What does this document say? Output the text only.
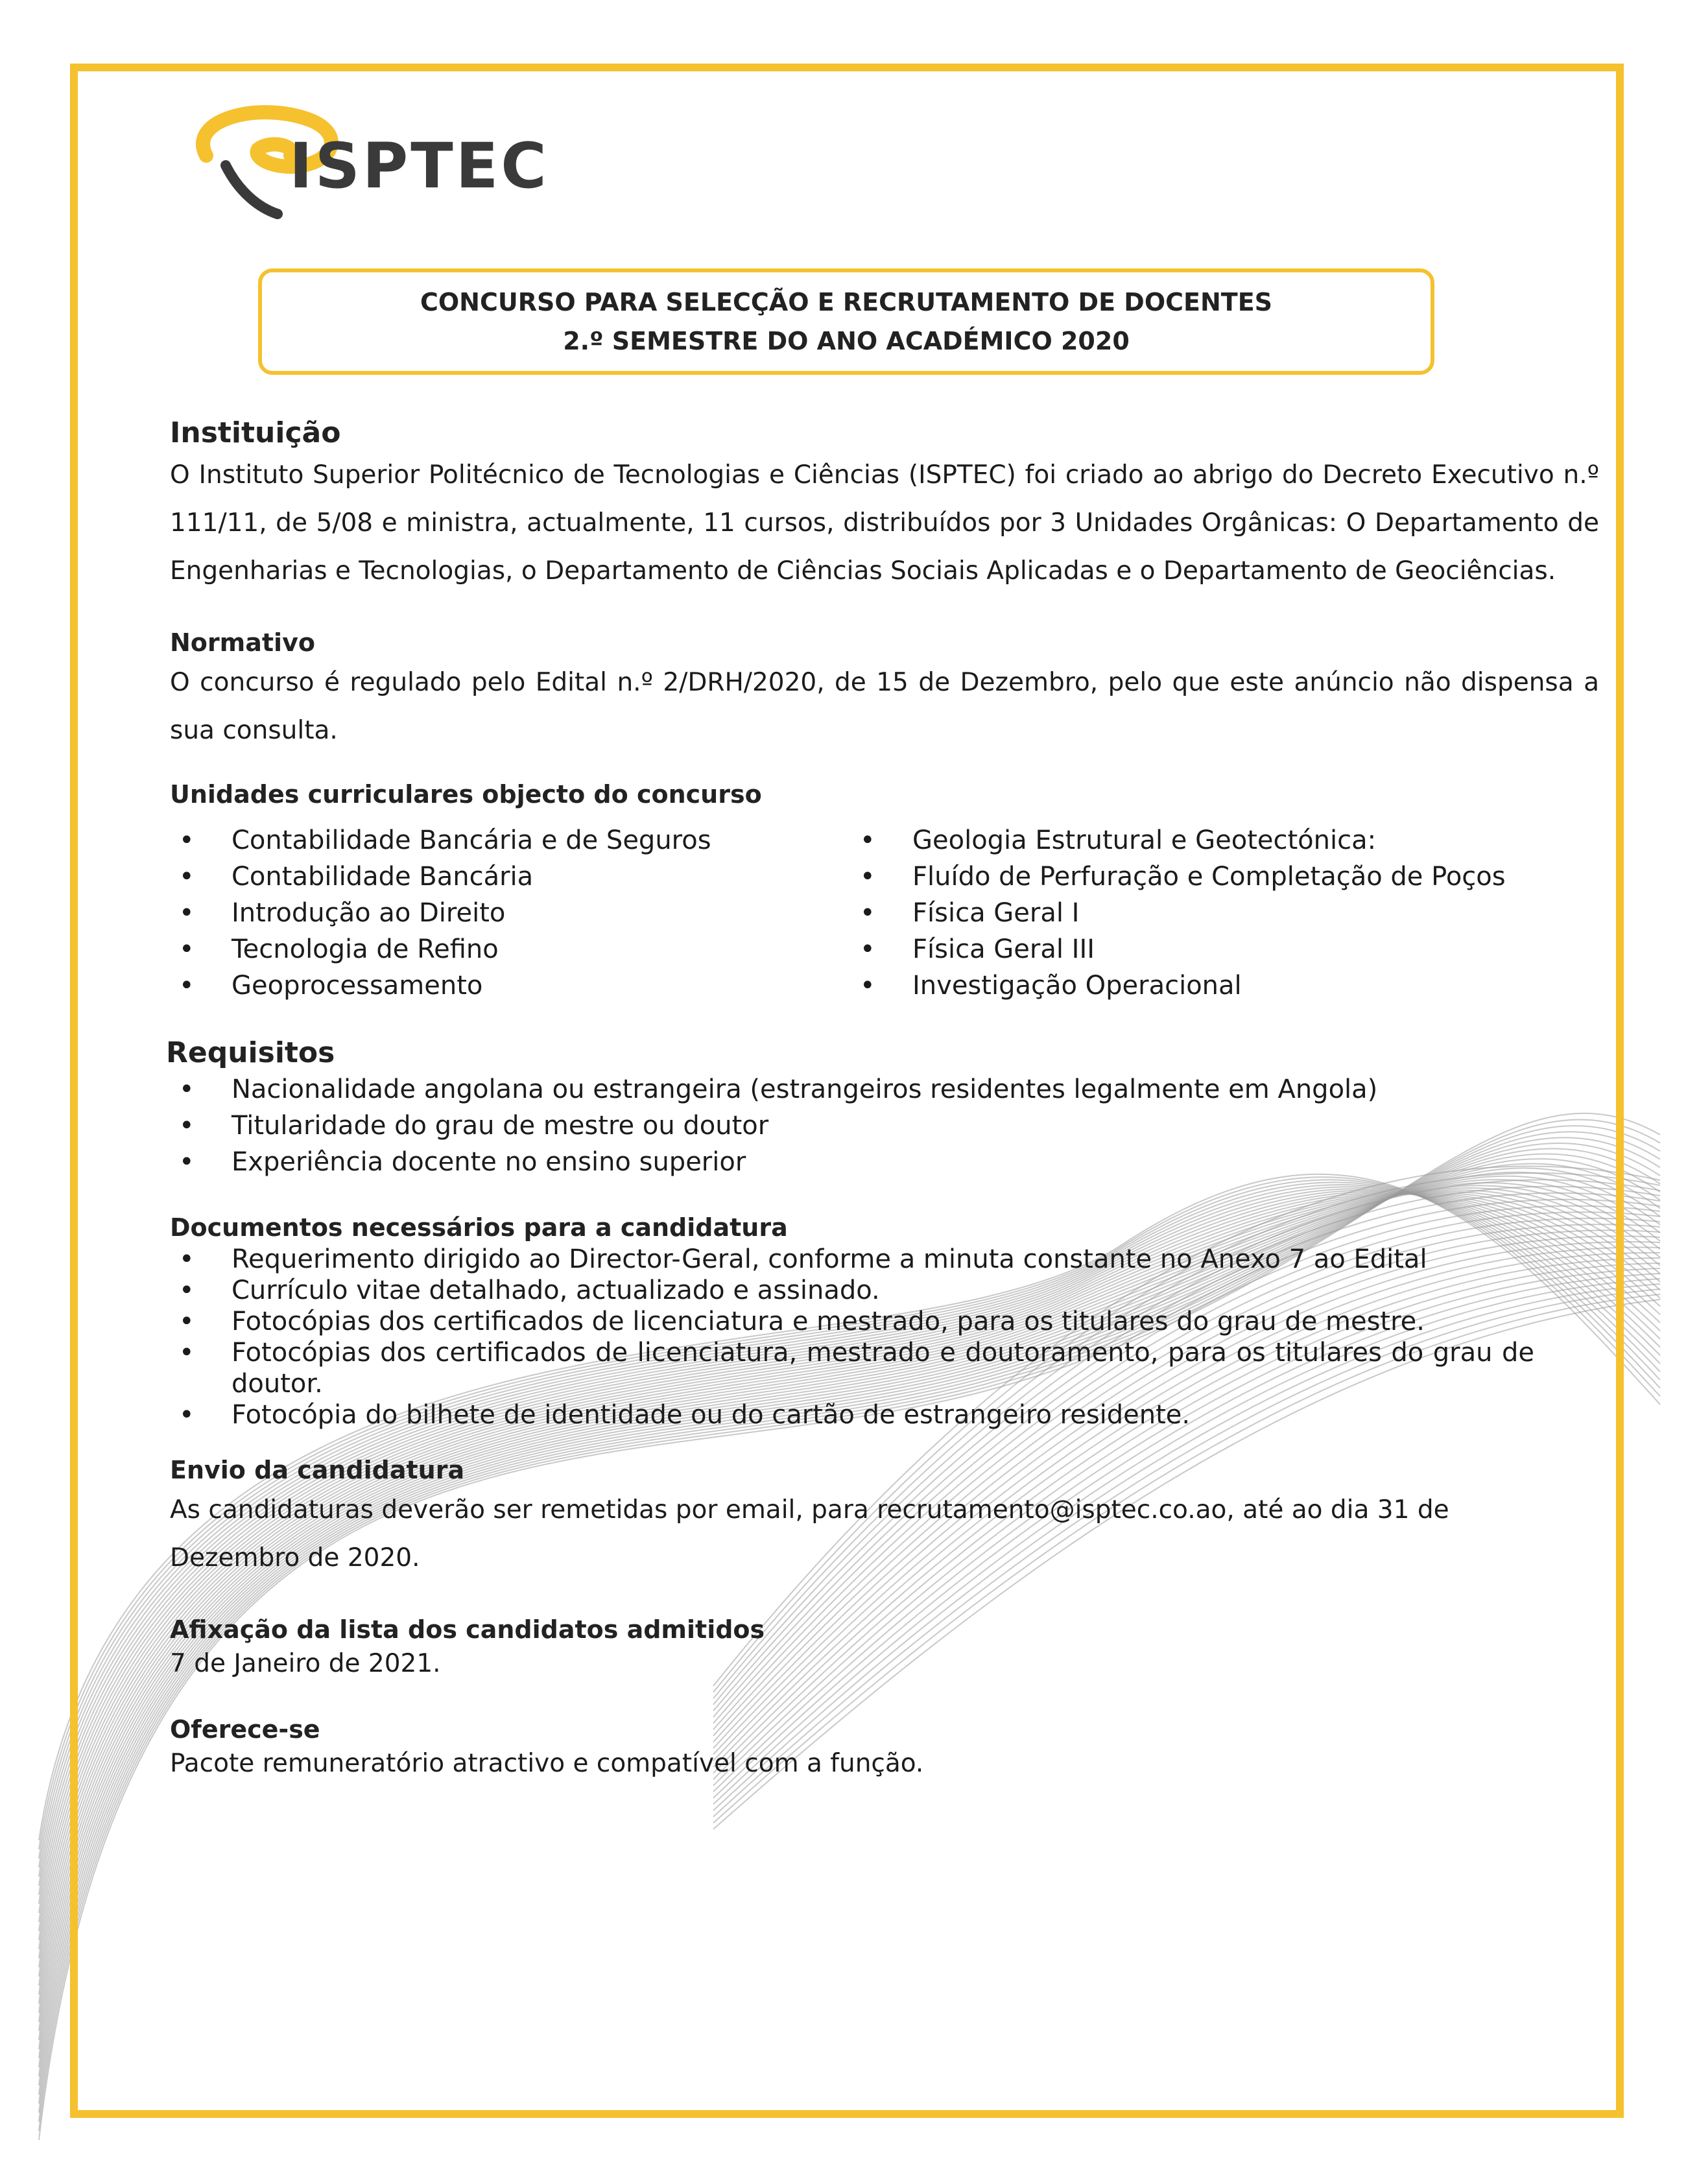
ISPTEC
CONCURSO PARA SELECÇÃO E RECRUTAMENTO DE DOCENTES
2.º SEMESTRE DO ANO ACADÉMICO 2020
Instituição

O Instituto Superior Politécnico de Tecnologias e Ciências (ISPTEC) foi criado ao abrigo do Decreto Executivo n.º 111/11, de 5/08 e ministra, actualmente, 11 cursos, distribuídos por 3 Unidades Orgânicas: O Departamento de Engenharias e Tecnologias, o Departamento de Ciências Sociais Aplicadas e o Departamento de Geociências.

Normativo

O concurso é regulado pelo Edital n.º 2/DRH/2020, de 15 de Dezembro, pelo que este anúncio não dispensa a sua consulta.

Unidades curriculares objecto do concurso
• Contabilidade Bancária e de Seguros
• Contabilidade Bancária
• Introdução ao Direito
• Tecnologia de Refino
• Geoprocessamento
• Geologia Estrutural e Geotectónica:
• Fluído de Perfuração e Completação de Poços
• Física Geral I
• Física Geral III
• Investigação Operacional
Requisitos
• Nacionalidade angolana ou estrangeira (estrangeiros residentes legalmente em Angola)
• Titularidade do grau de mestre ou doutor
• Experiência docente no ensino superior
Documentos necessários para a candidatura
• Requerimento dirigido ao Director-Geral, conforme a minuta constante no Anexo 7 ao Edital
• Currículo vitae detalhado, actualizado e assinado.
• Fotocópias dos certificados de licenciatura e mestrado, para os titulares do grau de mestre.
• Fotocópias dos certificados de licenciatura, mestrado e doutoramento, para os titulares do grau de doutor.
• Fotocópia do bilhete de identidade ou do cartão de estrangeiro residente.
Envio da candidatura

As candidaturas deverão ser remetidas por email, para recrutamento@isptec.co.ao, até ao dia 31 de Dezembro de 2020.

Afixação da lista dos candidatos admitidos

7 de Janeiro de 2021.

Oferece-se

Pacote remuneratório atractivo e compatível com a função.
